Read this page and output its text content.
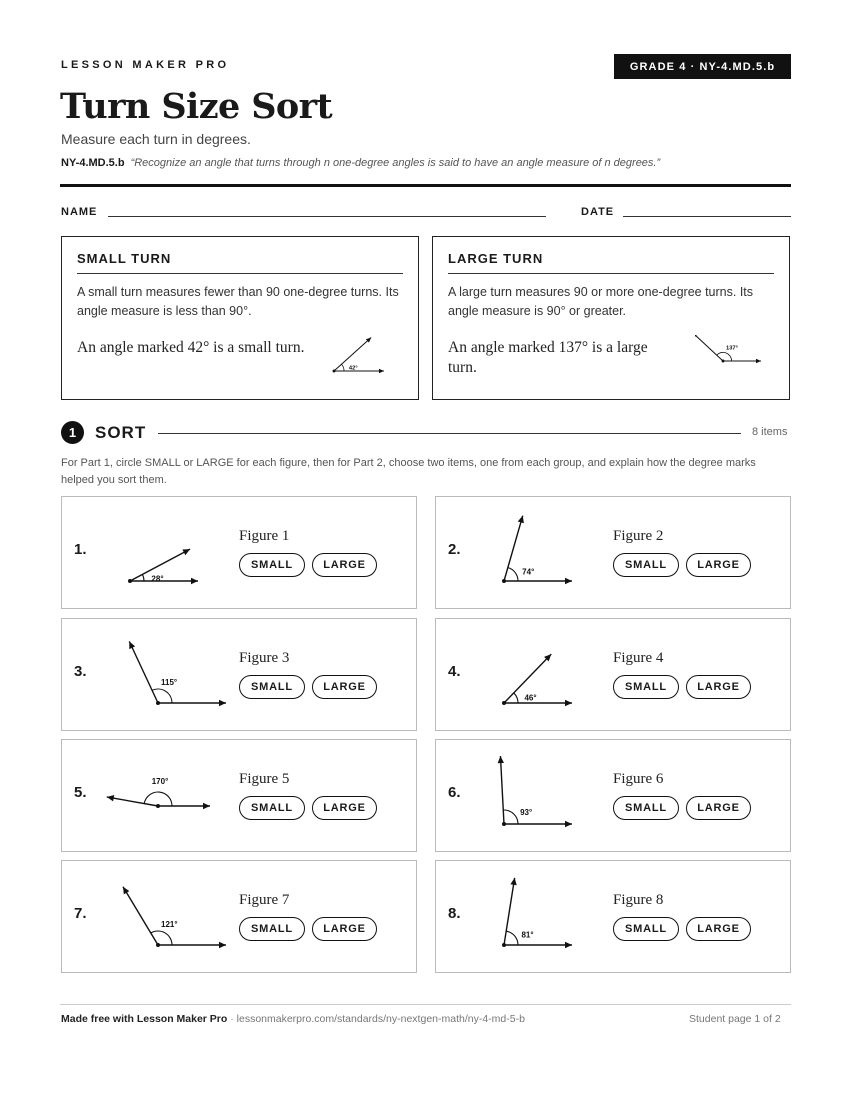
LESSON MAKER PRO	GRADE 4 · NY-4.MD.5.b
Turn Size Sort
Measure each turn in degrees.
NY-4.MD.5.b “Recognize an angle that turns through n one-degree angles is said to have an angle measure of n degrees.”
NAME	DATE
SMALL TURN
A small turn measures fewer than 90 one-degree turns. Its angle measure is less than 90°.
An angle marked 42° is a small turn.
42°
LARGE TURN
A large turn measures 90 or more one-degree turns. Its angle measure is 90° or greater.
An angle marked 137° is a large turn.
137°
1	SORT	8 items
For Part 1, circle SMALL or LARGE for each figure, then for Part 2, choose two items, one from each group, and explain how the degree marks helped you sort them.
1.
28°
Figure 1
SMALL	LARGE
2.
74°
Figure 2
SMALL	LARGE
3.
115°
Figure 3
SMALL	LARGE
4.
46°
Figure 4
SMALL	LARGE
5.
170°	Figure 5
SMALL	LARGE
6.
93°
Figure 6
SMALL	LARGE
7.
121°
Figure 7
SMALL	LARGE
8.
81°
Figure 8
SMALL	LARGE
Made free with Lesson Maker Pro · lessonmakerpro.com/standards/ny-nextgen-math/ny-4-md-5-b	Student page 1 of 2
